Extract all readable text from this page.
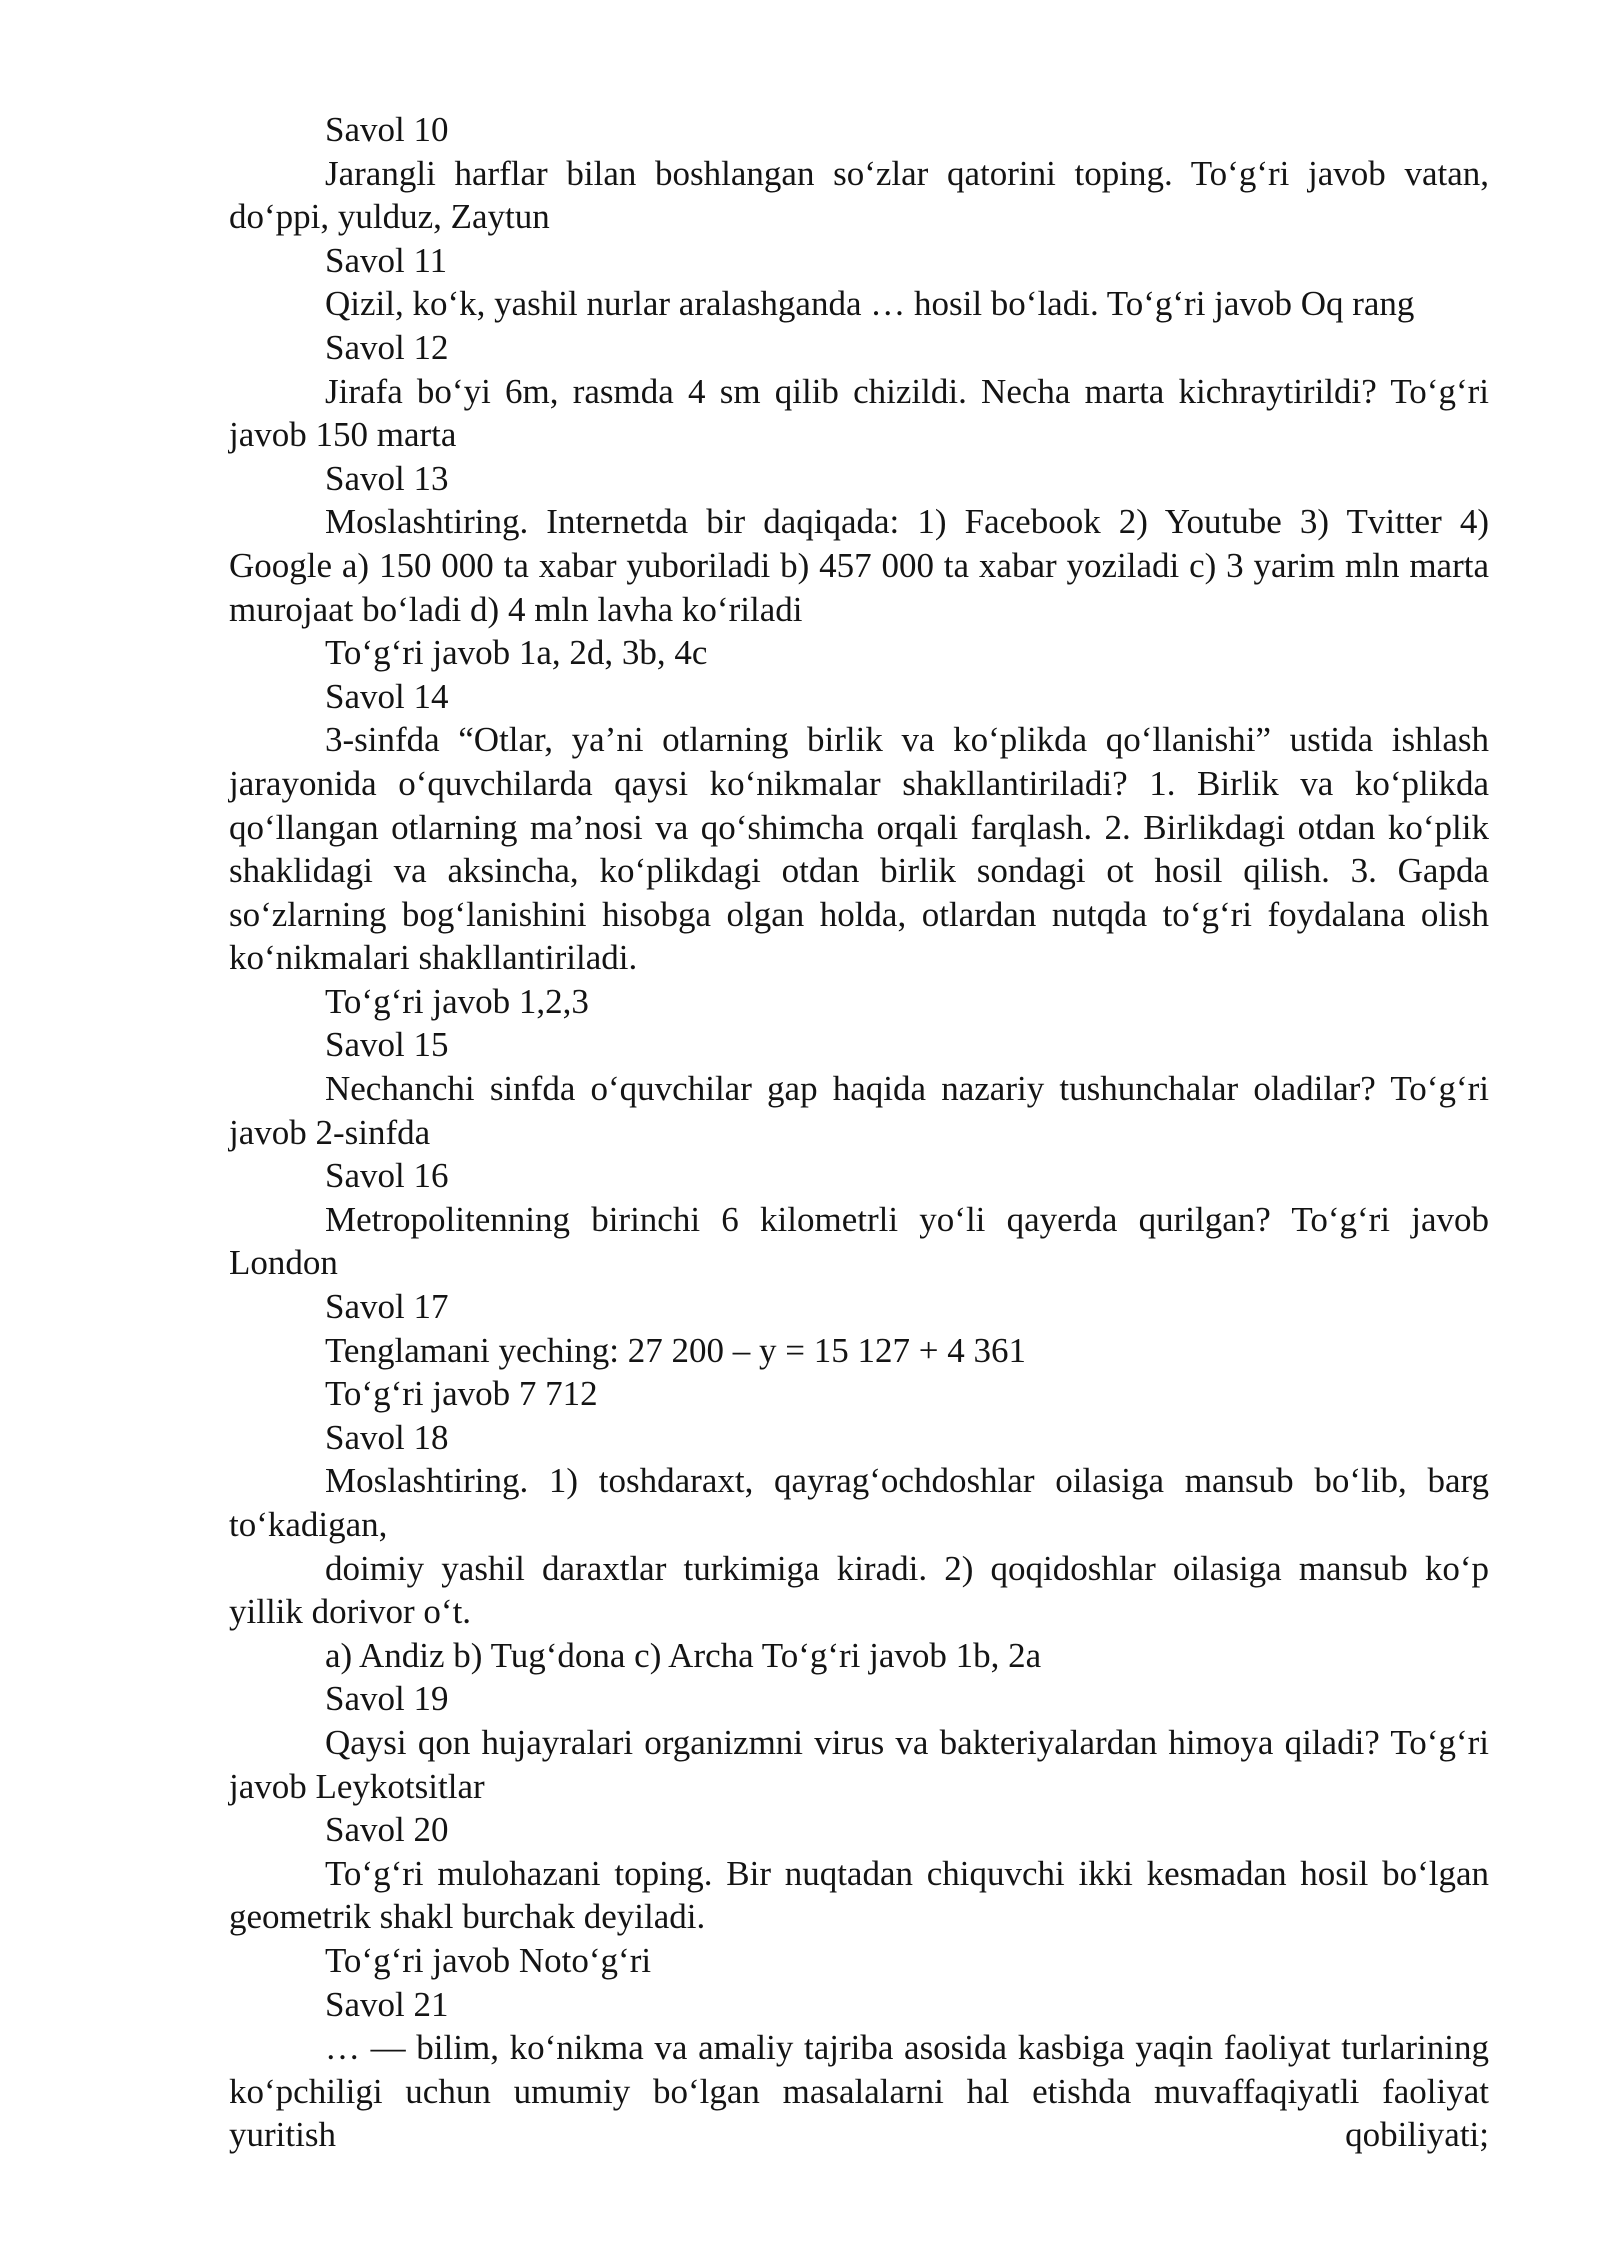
Savol 10

Jarangli harflar bilan boshlangan so‘zlar qatorini toping. To‘g‘ri javob vatan, do‘ppi, yulduz, Zaytun

Savol 11

Qizil, ko‘k, yashil nurlar aralashganda … hosil bo‘ladi. To‘g‘ri javob Oq rang

Savol 12

Jirafa bo‘yi 6m, rasmda 4 sm qilib chizildi. Necha marta kichraytirildi? To‘g‘ri javob 150 marta

Savol 13

Moslashtiring. Internetda bir daqiqada: 1) Facebook 2) Youtube 3) Tvitter 4) Google a) 150 000 ta xabar yuboriladi b) 457 000 ta xabar yoziladi c) 3 yarim mln marta murojaat bo‘ladi d) 4 mln lavha ko‘riladi

To‘g‘ri javob 1a, 2d, 3b, 4c

Savol 14

3-sinfda “Otlar, ya’ni otlarning birlik va ko‘plikda qo‘llanishi” ustida ishlash jarayonida o‘quvchilarda qaysi ko‘nikmalar shakllantiriladi? 1. Birlik va ko‘plikda qo‘llangan otlarning ma’nosi va qo‘shimcha orqali farqlash. 2. Birlikdagi otdan ko‘plik shaklidagi va aksincha, ko‘plikdagi otdan birlik sondagi ot hosil qilish. 3. Gapda so‘zlarning bog‘lanishini hisobga olgan holda, otlardan nutqda to‘g‘ri foydalana olish ko‘nikmalari shakllantiriladi.

To‘g‘ri javob 1,2,3

Savol 15

Nechanchi sinfda o‘quvchilar gap haqida nazariy tushunchalar oladilar? To‘g‘ri javob 2-sinfda

Savol 16

Metropolitenning birinchi 6 kilometrli yo‘li qayerda qurilgan? To‘g‘ri javob London

Savol 17

Tenglamani yeching: 27 200 – y = 15 127 + 4 361

To‘g‘ri javob 7 712

Savol 18

Moslashtiring. 1) toshdaraxt, qayrag‘ochdoshlar oilasiga mansub bo‘lib, barg to‘kadigan,

doimiy yashil daraxtlar turkimiga kiradi. 2) qoqidoshlar oilasiga mansub ko‘p yillik dorivor o‘t.

a) Andiz b) Tug‘dona c) Archa To‘g‘ri javob 1b, 2a

Savol 19

Qaysi qon hujayralari organizmni virus va bakteriyalardan himoya qiladi? To‘g‘ri javob Leykotsitlar

Savol 20

To‘g‘ri mulohazani toping. Bir nuqtadan chiquvchi ikki kesmadan hosil bo‘lgan geometrik shakl burchak deyiladi.

To‘g‘ri javob Noto‘g‘ri

Savol 21

… — bilim, ko‘nikma va amaliy tajriba asosida kasbiga yaqin faoliyat turlarining ko‘pchiligi uchun umumiy bo‘lgan masalalarni hal etishda muvaffaqiyatli faoliyat yuritish qobiliyati;
